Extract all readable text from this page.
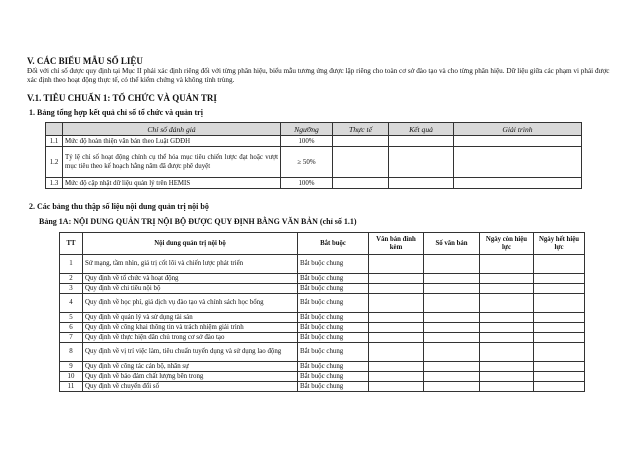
V. CÁC BIỂU MẪU SỐ LIỆU
Đối với chỉ số được quy định tại Mục II phải xác định riêng đối với từng phân hiệu, biểu mẫu tương ứng được lập riêng cho toàn cơ sở đào tạo và cho từng phân hiệu. Dữ liệu giữa các phạm vi phải được xác định theo hoạt động thực tế, có thể kiểm chứng và không tính trùng.
V.1. TIÊU CHUẨN 1: TỔ CHỨC VÀ QUẢN TRỊ
1. Bảng tổng hợp kết quả chỉ số tổ chức và quản trị
	Chỉ số đánh giá	Ngưỡng	Thực tế	Kết quả	Giải trình
1.1	Mức độ hoàn thiện văn bản theo Luật GDĐH	100%			
1.2	Tỷ lệ chỉ số hoạt động chính cụ thể hóa mục tiêu chiến lược đạt hoặc vượt mục tiêu theo kế hoạch hằng năm đã được phê duyệt	≥ 50%			
1.3	Mức độ cập nhật dữ liệu quản lý trên HEMIS	100%			
2. Các bảng thu thập số liệu nội dung quản trị nội bộ
Bảng 1A: NỘI DUNG QUẢN TRỊ NỘI BỘ ĐƯỢC QUY ĐỊNH BẰNG VĂN BẢN (chỉ số 1.1)
TT	Nội dung quản trị nội bộ	Bắt buộc	Văn bản đính kèm	Số văn bản	Ngày còn hiệu lực	Ngày hết hiệu lực
1	Sứ mạng, tầm nhìn, giá trị cốt lõi và chiến lược phát triển	Bắt buộc chung				
2	Quy định về tổ chức và hoạt động	Bắt buộc chung				
3	Quy định về chi tiêu nội bộ	Bắt buộc chung				
4	Quy định về học phí, giá dịch vụ đào tạo và chính sách học bổng	Bắt buộc chung				
5	Quy định về quản lý và sử dụng tài sản	Bắt buộc chung				
6	Quy định về công khai thông tin và trách nhiệm giải trình	Bắt buộc chung				
7	Quy định về thực hiện dân chủ trong cơ sở đào tạo	Bắt buộc chung				
8	Quy định về vị trí việc làm, tiêu chuẩn tuyển dụng và sử dụng lao động	Bắt buộc chung				
9	Quy định về công tác cán bộ, nhân sự	Bắt buộc chung				
10	Quy định về bảo đảm chất lượng bên trong	Bắt buộc chung				
11	Quy định về chuyển đổi số	Bắt buộc chung				
